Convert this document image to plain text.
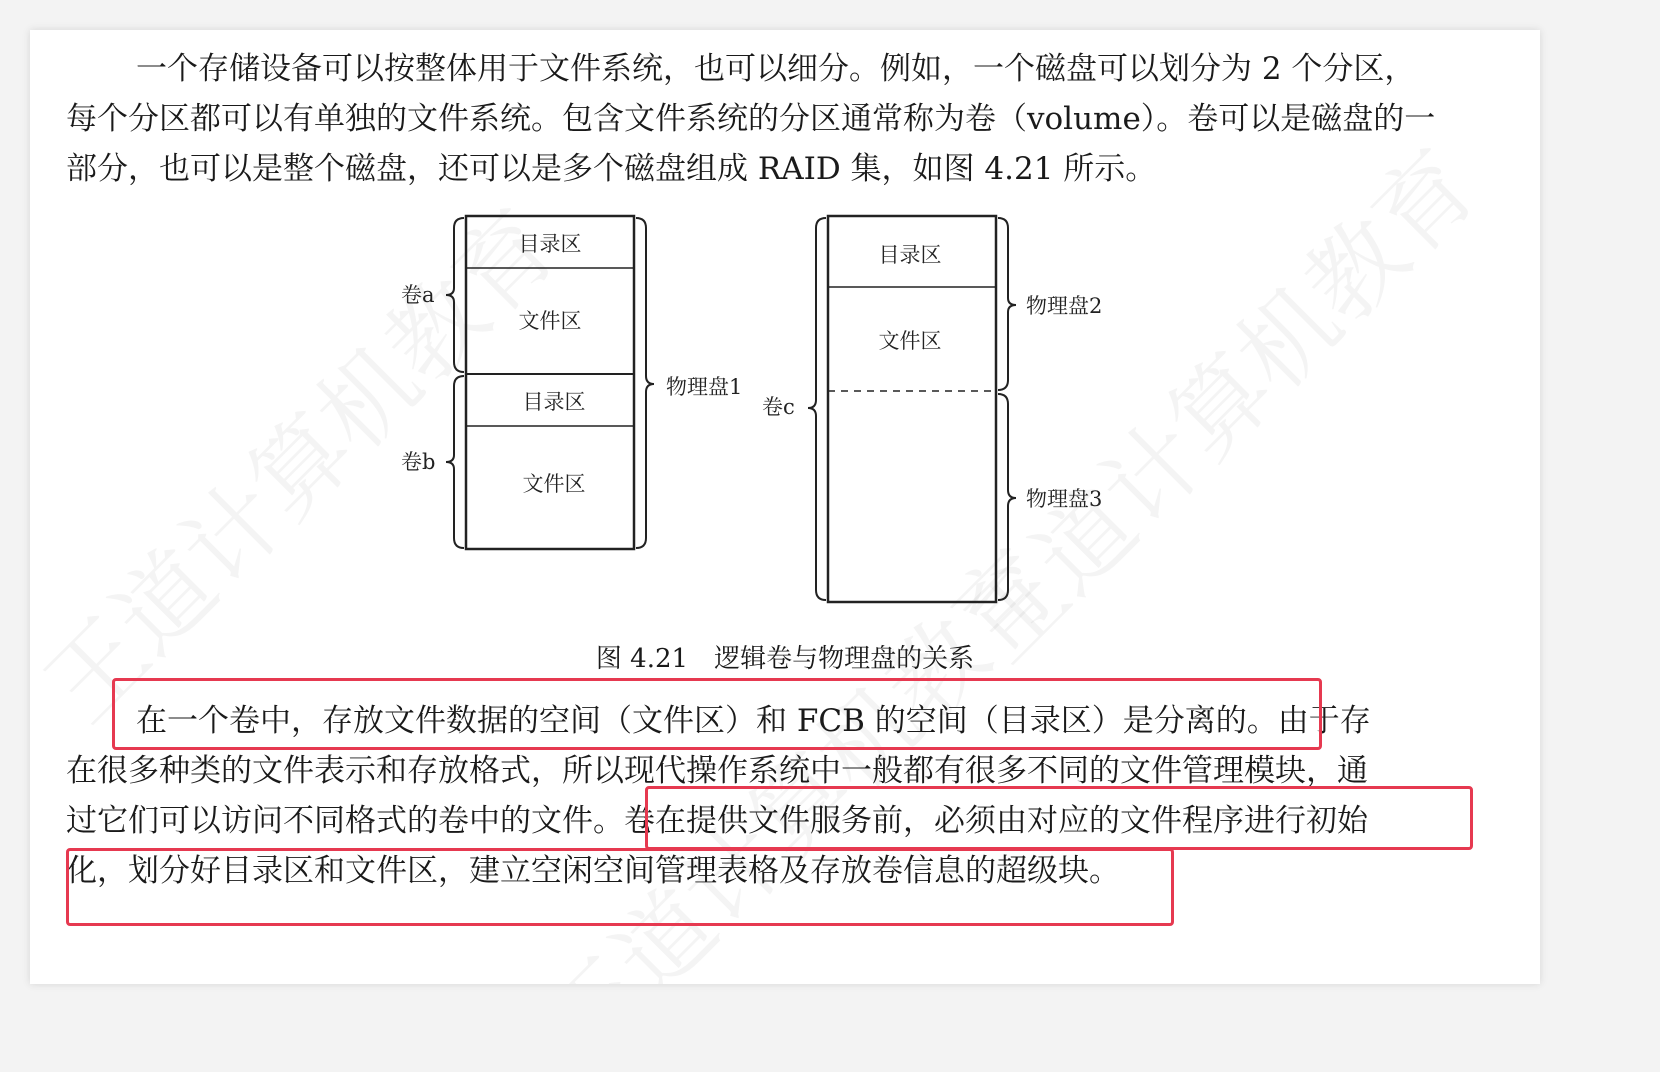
一个存储设备可以按整体用于文件系统，也可以细分。例如，一个磁盘可以划分为 2 个分区，
每个分区都可以有单独的文件系统。包含文件系统的分区通常称为卷（volume）。卷可以是磁盘的一
部分，也可以是整个磁盘，还可以是多个磁盘组成 RAID 集，如图 4.21 所示。
目录区
文件区
目录区
文件区
卷a
卷b
物理盘1
目录区
文件区
卷c
物理盘2
物理盘3
图 4.21　逻辑卷与物理盘的关系
在一个卷中，存放文件数据的空间（文件区）和 FCB 的空间（目录区）是分离的。由于存
在很多种类的文件表示和存放格式，所以现代操作系统中一般都有很多不同的文件管理模块，通
过它们可以访问不同格式的卷中的文件。卷在提供文件服务前，必须由对应的文件程序进行初始
化，划分好目录区和文件区，建立空闲空间管理表格及存放卷信息的超级块。
